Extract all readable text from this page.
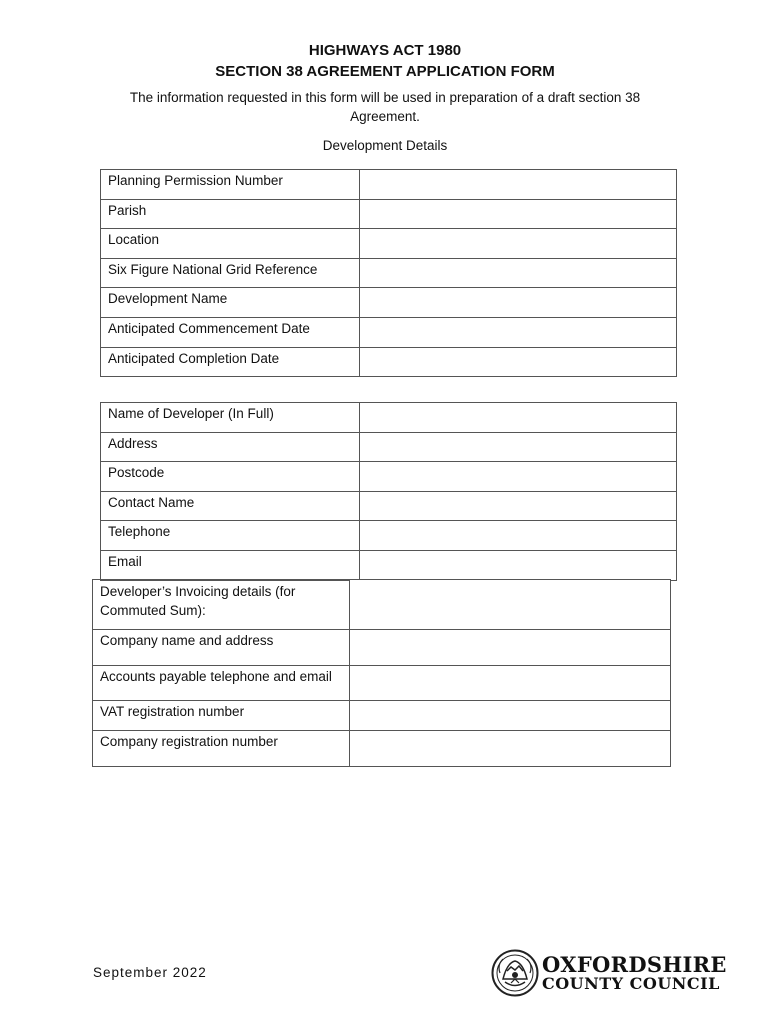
HIGHWAYS ACT 1980
SECTION 38 AGREEMENT APPLICATION FORM
The information requested in this form will be used in preparation of a draft section 38 Agreement.
Development Details
Planning Permission Number	
Parish	
Location	
Six Figure National Grid Reference	
Development Name	
Anticipated Commencement Date	
Anticipated Completion Date	
Name of Developer (In Full)	
Address	
Postcode	
Contact Name	
Telephone	
Email	
Developer’s Invoicing details (for Commuted Sum):	
Company name and address	
Accounts payable telephone and email	
VAT registration number	
Company registration number	
September 2022	OXFORDSHIRE
COUNTY COUNCIL
